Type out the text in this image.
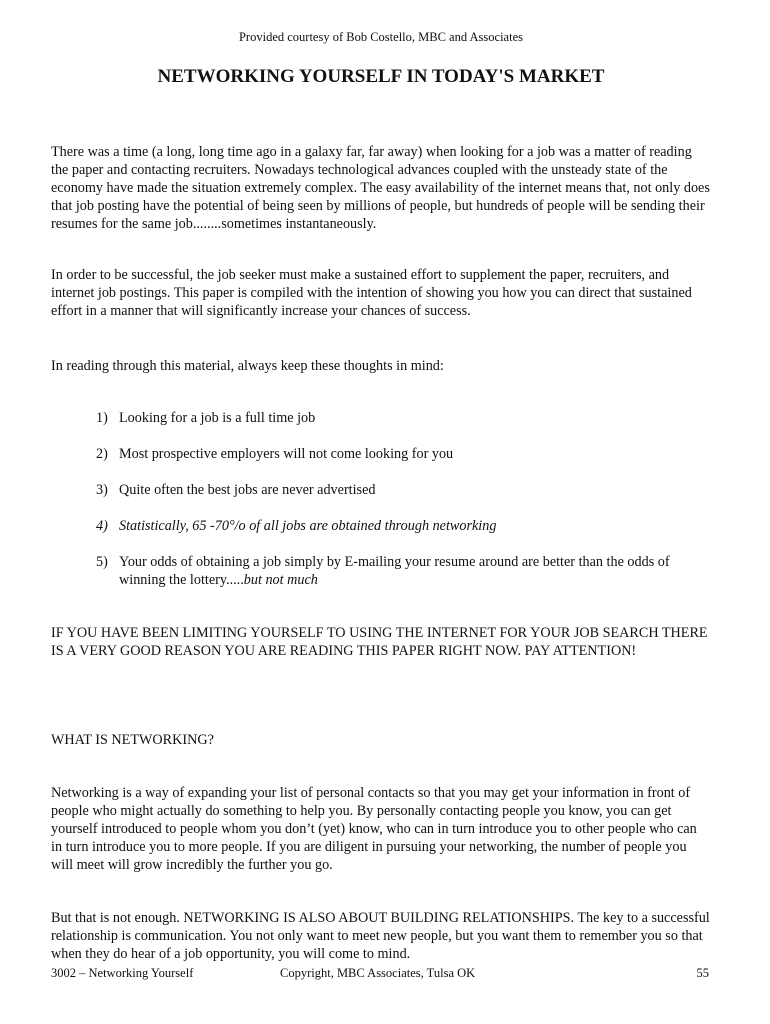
Provided courtesy of Bob Costello, MBC and Associates
NETWORKING YOURSELF IN TODAY'S MARKET

There was a time (a long, long time ago in a galaxy far, far away) when looking for a job was a matter of reading the paper and contacting recruiters. Nowadays technological advances coupled with the unsteady state of the economy have made the situation extremely complex. The easy availability of the internet means that, not only does that job posting have the potential of being seen by millions of people, but hundreds of people will be sending their resumes for the same job........sometimes instantaneously.

In order to be successful, the job seeker must make a sustained effort to supplement the paper, recruiters, and internet job postings. This paper is compiled with the intention of showing you how you can direct that sustained effort in a manner that will significantly increase your chances of success.

In reading through this material, always keep these thoughts in mind:

1) Looking for a job is a full time job
2) Most prospective employers will not come looking for you
3) Quite often the best jobs are never advertised
4) Statistically, 65 -70°/o of all jobs are obtained through networking
5) Your odds of obtaining a job simply by E-mailing your resume around are better than the odds of winning the lottery.....but not much

IF YOU HAVE BEEN LIMITING YOURSELF TO USING THE INTERNET FOR YOUR JOB SEARCH THERE IS A VERY GOOD REASON YOU ARE READING THIS PAPER RIGHT NOW. PAY ATTENTION!

WHAT IS NETWORKING?

Networking is a way of expanding your list of personal contacts so that you may get your information in front of people who might actually do something to help you. By personally contacting people you know, you can get yourself introduced to people whom you don’t (yet) know, who can in turn introduce you to other people who can in turn introduce you to more people. If you are diligent in pursuing your networking, the number of people you will meet will grow incredibly the further you go.

But that is not enough. NETWORKING IS ALSO ABOUT BUILDING RELATIONSHIPS. The key to a successful relationship is communication. You not only want to meet new people, but you want them to remember you so that when they do hear of a job opportunity, you will come to mind.

3002 – Networking Yourself	Copyright, MBC Associates, Tulsa OK	55
